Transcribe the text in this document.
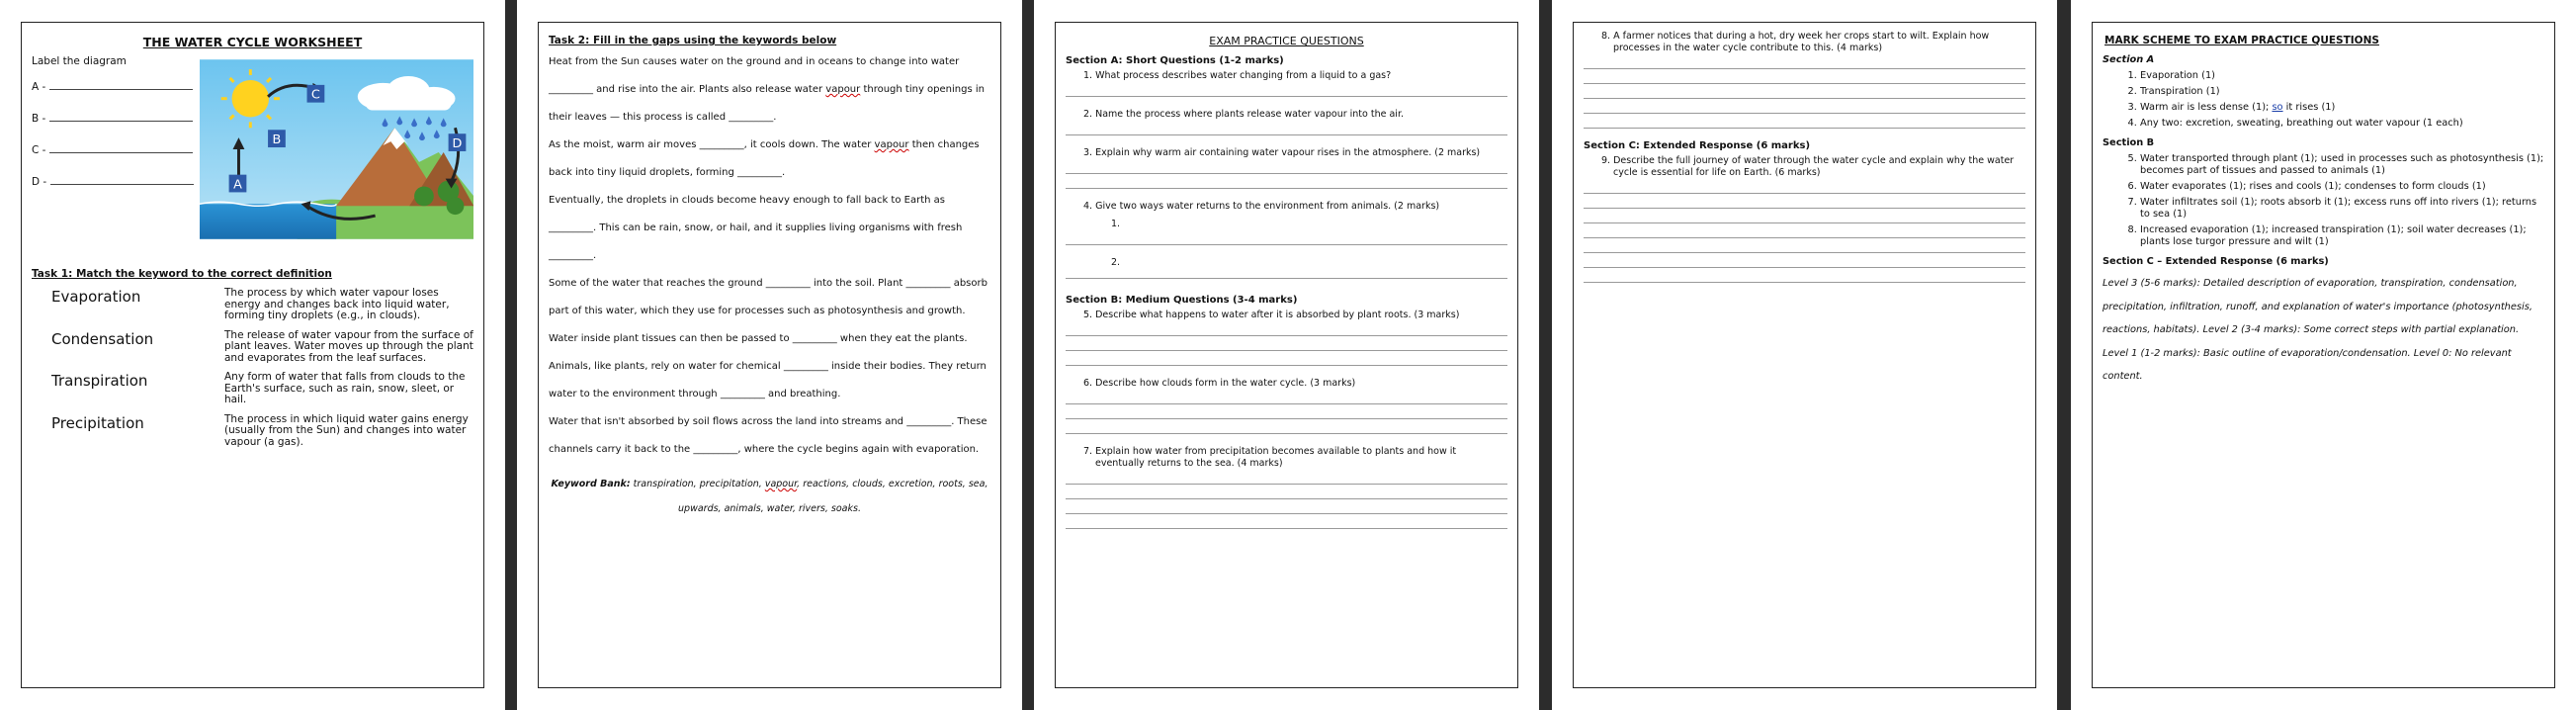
THE WATER CYCLE WORKSHEET
Label the diagram
A -
B -
C -
D -	A
B
C
D
Task 1: Match the keyword to the correct definition
Evaporation	The process by which water vapour loses energy and changes back into liquid water, forming tiny droplets (e.g., in clouds).
Condensation	The release of water vapour from the surface of plant leaves. Water moves up through the plant and evaporates from the leaf surfaces.
Transpiration	Any form of water that falls from clouds to the Earth's surface, such as rain, snow, sleet, or hail.
Precipitation	The process in which liquid water gains energy (usually from the Sun) and changes into water vapour (a gas).
Task 2: Fill in the gaps using the keywords below
Heat from the Sun causes water on the ground and in oceans to change into water _________ and rise into the air. Plants also release water vapour through tiny openings in their leaves — this process is called _________.
As the moist, warm air moves _________, it cools down. The water vapour then changes back into tiny liquid droplets, forming _________.
Eventually, the droplets in clouds become heavy enough to fall back to Earth as _________. This can be rain, snow, or hail, and it supplies living organisms with fresh _________.
Some of the water that reaches the ground _________ into the soil. Plant _________ absorb part of this water, which they use for processes such as photosynthesis and growth. Water inside plant tissues can then be passed to _________ when they eat the plants.
Animals, like plants, rely on water for chemical _________ inside their bodies. They return water to the environment through _________ and breathing.
Water that isn't absorbed by soil flows across the land into streams and _________. These channels carry it back to the _________, where the cycle begins again with evaporation.
Keyword Bank: transpiration, precipitation, vapour, reactions, clouds, excretion, roots, sea, upwards, animals, water, rivers, soaks.
EXAM PRACTICE QUESTIONS
Section A: Short Questions (1-2 marks)
1. What process describes water changing from a liquid to a gas?
2. Name the process where plants release water vapour into the air.
3. Explain why warm air containing water vapour rises in the atmosphere. (2 marks)
4. Give two ways water returns to the environment from animals. (2 marks)
1.
2.
Section B: Medium Questions (3-4 marks)
5. Describe what happens to water after it is absorbed by plant roots. (3 marks)
6. Describe how clouds form in the water cycle. (3 marks)
7. Explain how water from precipitation becomes available to plants and how it eventually returns to the sea. (4 marks)
8. A farmer notices that during a hot, dry week her crops start to wilt. Explain how processes in the water cycle contribute to this. (4 marks)
Section C: Extended Response (6 marks)
9. Describe the full journey of water through the water cycle and explain why the water cycle is essential for life on Earth. (6 marks)
MARK SCHEME TO EXAM PRACTICE QUESTIONS
Section A
1. Evaporation (1)
2. Transpiration (1)
3. Warm air is less dense (1); so it rises (1)
4. Any two: excretion, sweating, breathing out water vapour (1 each)
Section B
5. Water transported through plant (1); used in processes such as photosynthesis (1); becomes part of tissues and passed to animals (1)
6. Water evaporates (1); rises and cools (1); condenses to form clouds (1)
7. Water infiltrates soil (1); roots absorb it (1); excess runs off into rivers (1); returns to sea (1)
8. Increased evaporation (1); increased transpiration (1); soil water decreases (1); plants lose turgor pressure and wilt (1)
Section C – Extended Response (6 marks)
Level 3 (5-6 marks): Detailed description of evaporation, transpiration, condensation, precipitation, infiltration, runoff, and explanation of water's importance (photosynthesis, reactions, habitats). Level 2 (3-4 marks): Some correct steps with partial explanation. Level 1 (1-2 marks): Basic outline of evaporation/condensation. Level 0: No relevant content.
